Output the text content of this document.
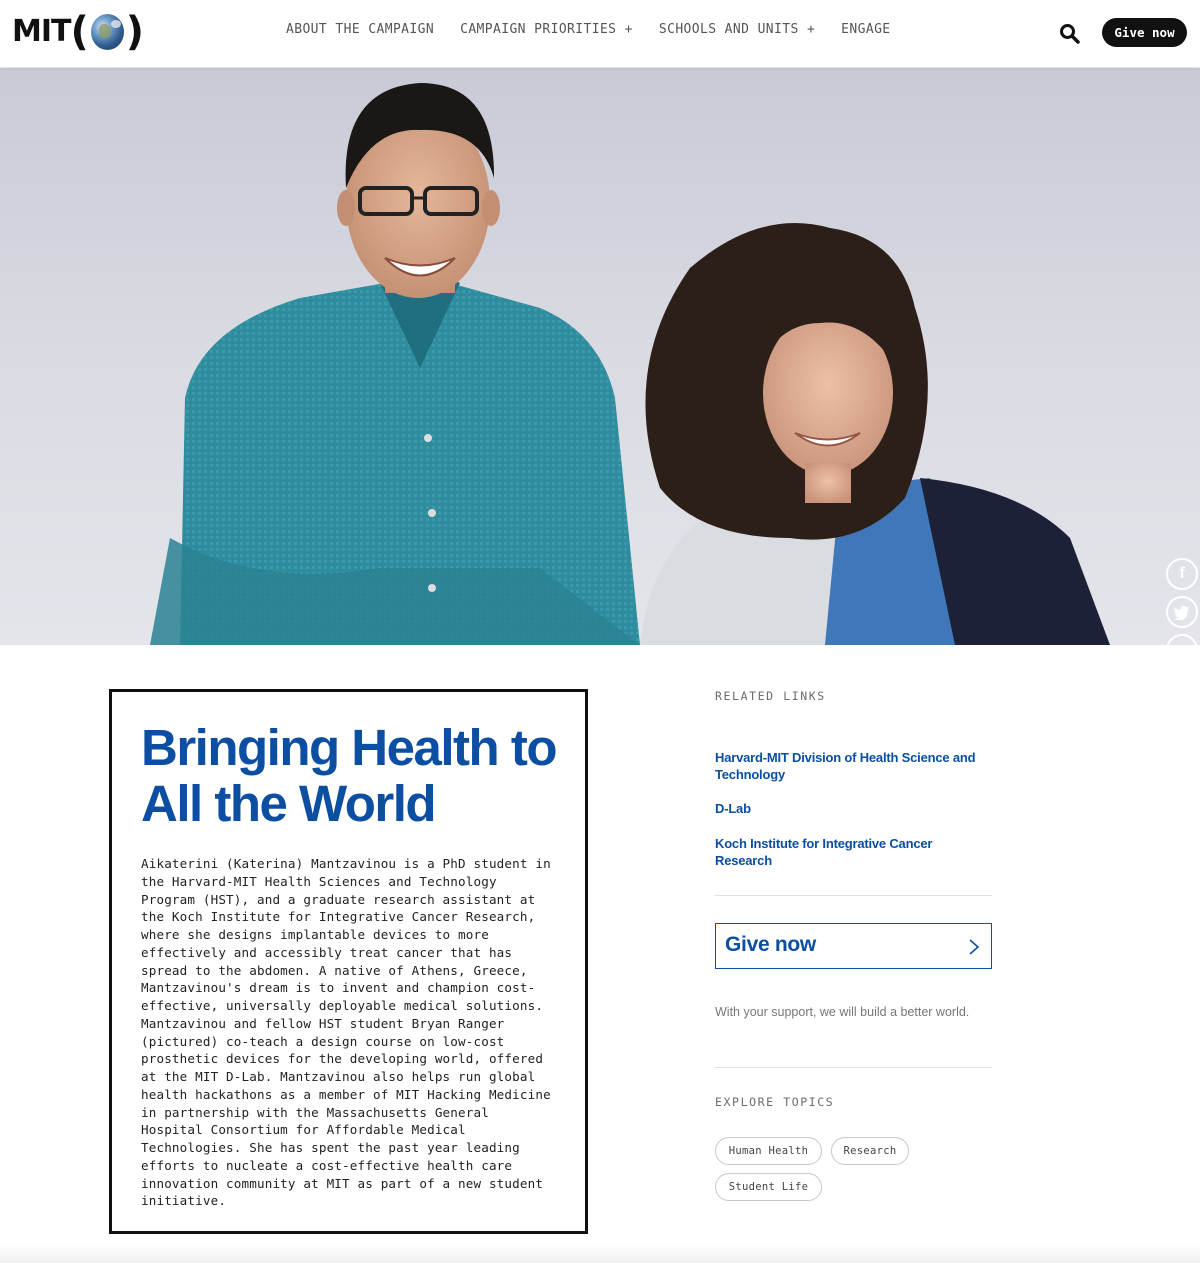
MIT ( )	ABOUT THE CAMPAIGN CAMPAIGN PRIORITIES + SCHOOLS AND UNITS + ENGAGE	Give now
f
Bringing Health to All the World

Aikaterini (Katerina) Mantzavinou is a PhD student in the Harvard-MIT Health Sciences and Technology Program (HST), and a graduate research assistant at the Koch Institute for Integrative Cancer Research, where she designs implantable devices to more effectively and accessibly treat cancer that has spread to the abdomen. A native of Athens, Greece, Mantzavinou's dream is to invent and champion cost-effective, universally deployable medical solutions. Mantzavinou and fellow HST student Bryan Ranger (pictured) co-teach a design course on low-cost prosthetic devices for the developing world, offered at the MIT D-Lab. Mantzavinou also helps run global health hackathons as a member of MIT Hacking Medicine in partnership with the Massachusetts General Hospital Consortium for Affordable Medical Technologies. She has spent the past year leading efforts to nucleate a cost-effective health care innovation community at MIT as part of a new student initiative.

RELATED LINKS
Harvard-MIT Division of Health Science and Technology
D-Lab
Koch Institute for Integrative Cancer Research
Give now

With your support, we will build a better world.

EXPLORE TOPICS
Human Health	Research
Student Life
